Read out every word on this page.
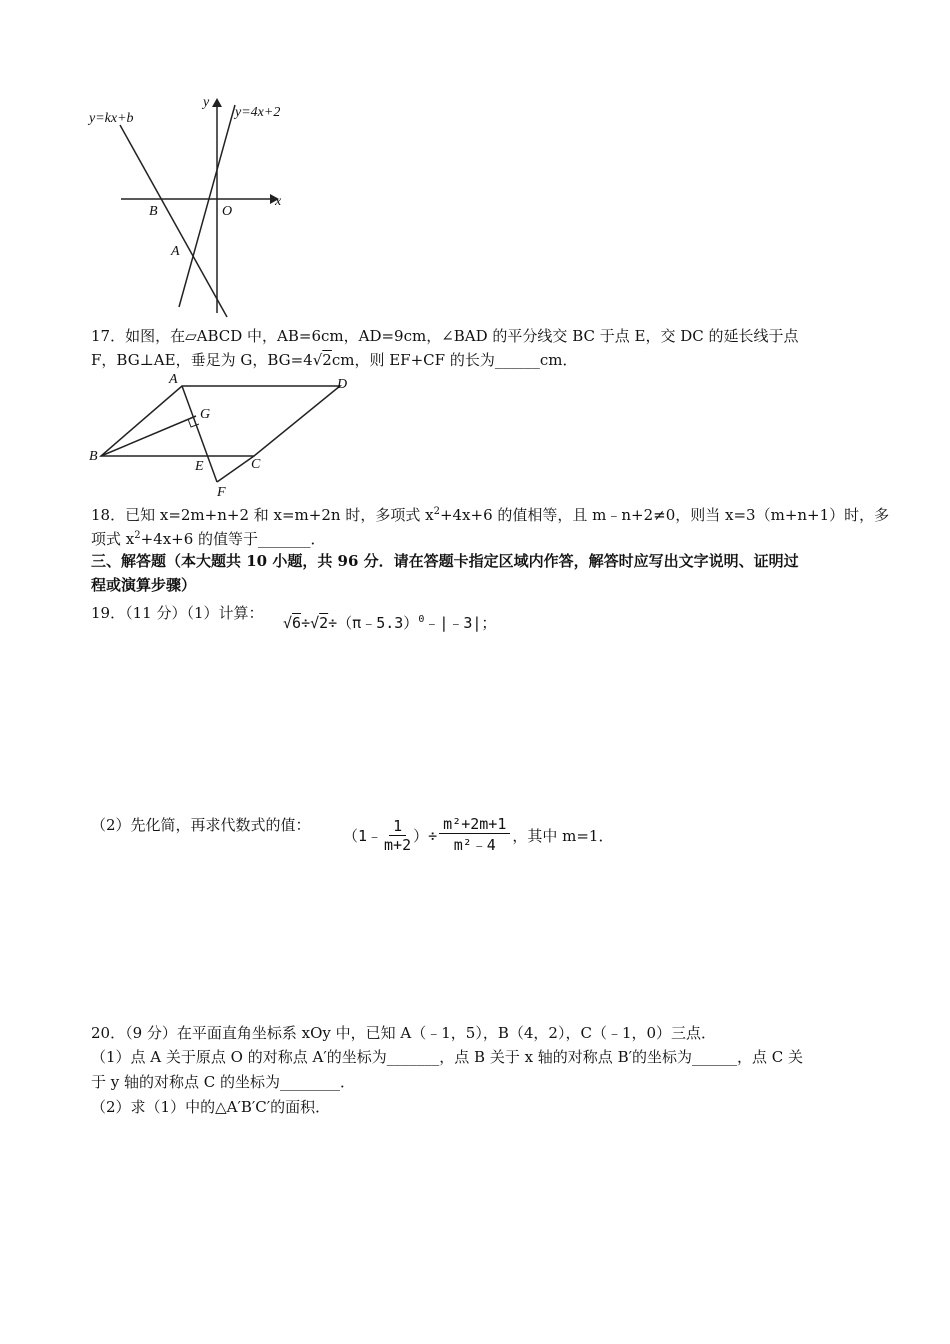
y=kx+b	y=4x+2
y
x
B	O
A
17．如图，在▱ABCD 中，AB=6cm，AD=9cm，∠BAD 的平分线交 BC 于点 E，交 DC 的延长线于点
F，BG⊥AE，垂足为 G，BG=4√2cm，则 EF+CF 的长为______cm．
A	D
G
B
E	C
F
18．已知 x=2m+n+2 和 x=m+2n 时，多项式 $x^2+4x+6$ 的值相等，且 m﹣n+2≠0，则当 x=3（m+n+1）时，多
项式 $x^2+4x+6$ 的值等于_______．
三、解答题（本大题共 10 小题，共 96 分．请在答题卡指定区域内作答，解答时应写出文字说明、证明过
程或演算步骤）
19．（11 分）（1）计算：
√6÷√2÷（π﹣5.3）$^0$﹣|﹣3|；
（2）先化简，再求代数式的值：
（1﹣ $\frac{1}{m+2}$ ）÷ $\frac{\text{m²+2m+1}}{\text{m²﹣4}}$ ，其中 m=1．
20．（9 分）在平面直角坐标系 xOy 中，已知 A（﹣1，5），B（4，2），C（﹣1，0）三点．
（1）点 A 关于原点 O 的对称点 A′的坐标为_______，点 B 关于 x 轴的对称点 B′的坐标为______，点 C 关
于 y 轴的对称点 C 的坐标为________．
（2）求（1）中的△A′B′C′的面积．
